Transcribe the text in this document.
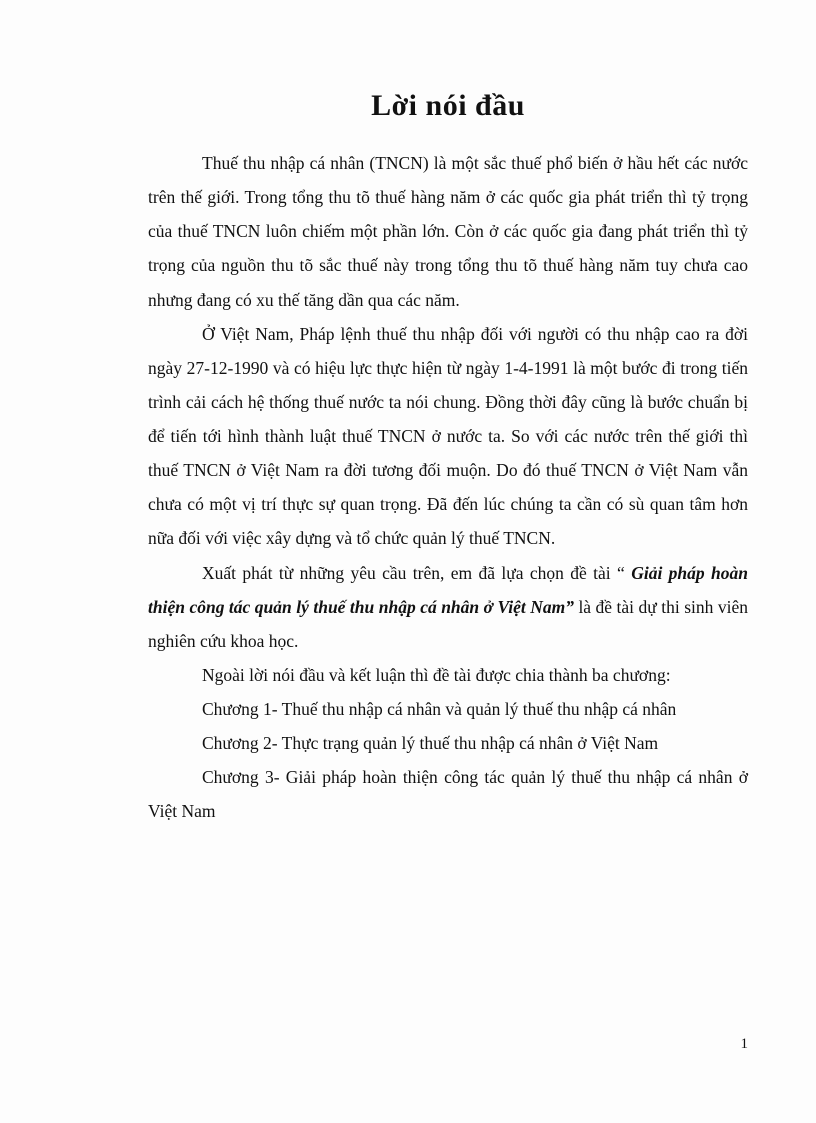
Lời nói đầu

Thuế thu nhập cá nhân (TNCN) là một sắc thuế phổ biến ở hầu hết các nước trên thế giới. Trong tổng thu tõ thuế hàng năm ở các quốc gia phát triển thì tỷ trọng của thuế TNCN luôn chiếm một phần lớn. Còn ở các quốc gia đang phát triển thì tỷ trọng của nguồn thu tõ sắc thuế này trong tổng thu tõ thuế hàng năm tuy chưa cao nhưng đang có xu thế tăng dần qua các năm.

Ở Việt Nam, Pháp lệnh thuế thu nhập đối với người có thu nhập cao ra đời ngày 27-12-1990 và có hiệu lực thực hiện từ ngày 1-4-1991 là một bước đi trong tiến trình cải cách hệ thống thuế nước ta nói chung. Đồng thời đây cũng là bước chuẩn bị để tiến tới hình thành luật thuế TNCN ở nước ta. So với các nước trên thế giới thì thuế TNCN ở Việt Nam ra đời tương đối muộn. Do đó thuế TNCN ở Việt Nam vẫn chưa có một vị trí thực sự quan trọng. Đã đến lúc chúng ta cần có sù quan tâm hơn nữa đối với việc xây dựng và tổ chức quản lý thuế TNCN.

Xuất phát từ những yêu cầu trên, em đã lựa chọn đề tài “ Giải pháp hoàn thiện công tác quản lý thuế thu nhập cá nhân ở Việt Nam” là đề tài dự thi sinh viên nghiên cứu khoa học.

Ngoài lời nói đầu và kết luận thì đề tài được chia thành ba chương:

Chương 1- Thuế thu nhập cá nhân và quản lý thuế thu nhập cá nhân
Chương 2- Thực trạng quản lý thuế thu nhập cá nhân ở Việt Nam
Chương 3- Giải pháp hoàn thiện công tác quản lý thuế thu nhập cá nhân ở Việt Nam
1
